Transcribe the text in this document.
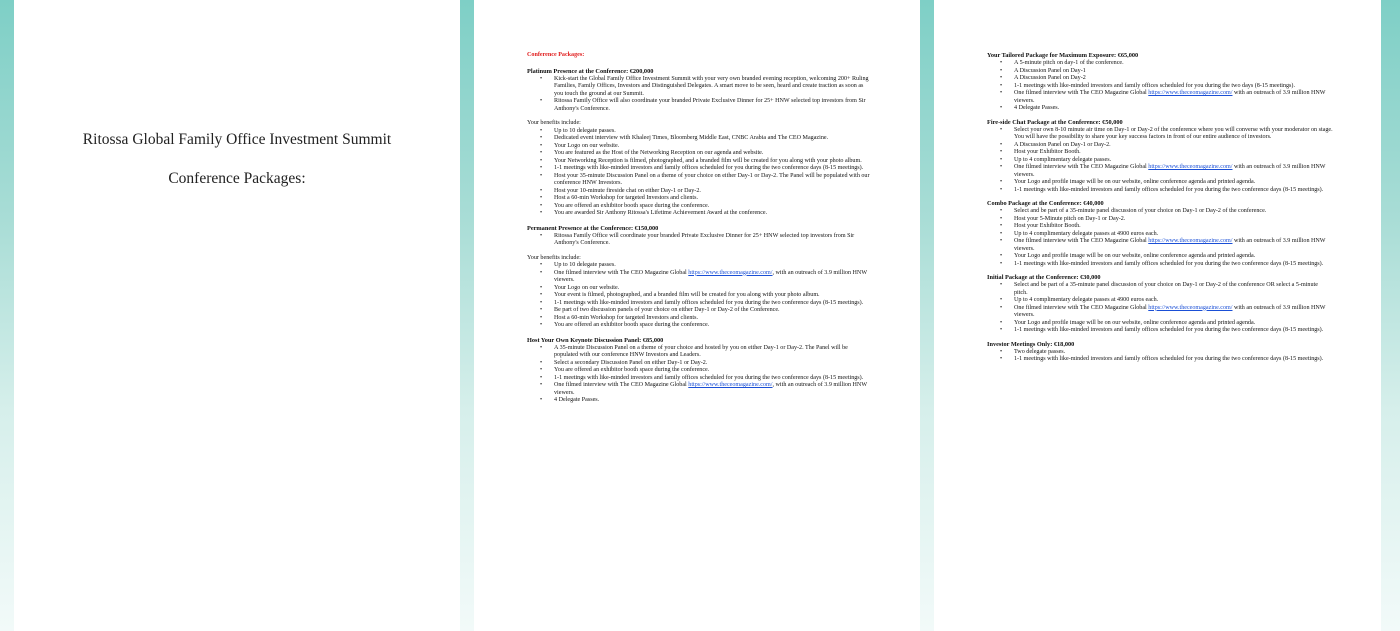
Ritossa Global Family Office Investment Summit
Conference Packages:
Conference Packages:
Platinum Presence at the Conference: €200,000
• Kick-start the Global Family Office Investment Summit with your very own branded evening reception, welcoming 200+ Ruling Families, Family Offices, Investors and Distinguished Delegates. A smart move to be seen, heard and create traction as soon as you touch the ground at our Summit.
• Ritossa Family Office will also coordinate your branded Private Exclusive Dinner for 25+ HNW selected top investors from Sir Anthony's Conference.
Your benefits include:
• Up to 10 delegate passes.
• Dedicated event interview with Khaleej Times, Bloomberg Middle East, CNBC Arabia and The CEO Magazine.
• Your Logo on our website.
• You are featured as the Host of the Networking Reception on our agenda and website.
• Your Networking Reception is filmed, photographed, and a branded film will be created for you along with your photo album.
• 1-1 meetings with like-minded investors and family offices scheduled for you during the two conference days (8-15 meetings).
• Host your 35-minute Discussion Panel on a theme of your choice on either Day-1 or Day-2. The Panel will be populated with our conference HNW Investors.
• Host your 10-minute fireside chat on either Day-1 or Day-2.
• Host a 60-min Workshop for targeted Investors and clients.
• You are offered an exhibitor booth space during the conference.
• You are awarded Sir Anthony Ritossa's Lifetime Achievement Award at the conference.
Permanent Presence at the Conference: €150,000
• Ritossa Family Office will coordinate your branded Private Exclusive Dinner for 25+ HNW selected top investors from Sir Anthony's Conference.
Your benefits include:
• Up to 10 delegate passes.
• One filmed interview with The CEO Magazine Global https://www.theceomagazine.com/, with an outreach of 3.9 million HNW viewers.
• Your Logo on our website.
• Your event is filmed, photographed, and a branded film will be created for you along with your photo album.
• 1-1 meetings with like-minded investors and family offices scheduled for you during the two conference days (8-15 meetings).
• Be part of two discussion panels of your choice on either Day-1 or Day-2 of the Conference.
• Host a 60-min Workshop for targeted Investors and clients.
• You are offered an exhibitor booth space during the conference.
Host Your Own Keynote Discussion Panel: €85,000
• A 35-minute Discussion Panel on a theme of your choice and hosted by you on either Day-1 or Day-2. The Panel will be populated with our conference HNW Investors and Leaders.
• Select a secondary Discussion Panel on either Day-1 or Day-2.
• You are offered an exhibitor booth space during the conference.
• 1-1 meetings with like-minded investors and family offices scheduled for you during the two conference days (8-15 meetings).
• One filmed interview with The CEO Magazine Global https://www.theceomagazine.com/, with an outreach of 3.9 million HNW viewers.
• 4 Delegate Passes.
Your Tailored Package for Maximum Exposure: €65,000
• A 5-minute pitch on day-1 of the conference.
• A Discussion Panel on Day-1
• A Discussion Panel on Day-2
• 1-1 meetings with like-minded investors and family offices scheduled for you during the two days (8-15 meetings).
• One filmed interview with The CEO Magazine Global https://www.theceomagazine.com/ with an outreach of 3.9 million HNW viewers.
• 4 Delegate Passes.
Fire-side Chat Package at the Conference: €50,000
• Select your own 8-10 minute air time on Day-1 or Day-2 of the conference where you will converse with your moderator on stage. You will have the possibility to share your key success factors in front of our entire audience of investors.
• A Discussion Panel on Day-1 or Day-2.
• Host your Exhibitor Booth.
• Up to 4 complimentary delegate passes.
• One filmed interview with The CEO Magazine Global https://www.theceomagazine.com/ with an outreach of 3.9 million HNW viewers.
• Your Logo and profile image will be on our website, online conference agenda and printed agenda.
• 1-1 meetings with like-minded investors and family offices scheduled for you during the two conference days (8-15 meetings).
Combo Package at the Conference: €40,000
• Select and be part of a 35-minute panel discussion of your choice on Day-1 or Day-2 of the conference.
• Host your 5-Minute pitch on Day-1 or Day-2.
• Host your Exhibitor Booth.
• Up to 4 complimentary delegate passes at 4900 euros each.
• One filmed interview with The CEO Magazine Global https://www.theceomagazine.com/ with an outreach of 3.9 million HNW viewers.
• Your Logo and profile image will be on our website, online conference agenda and printed agenda.
• 1-1 meetings with like-minded investors and family offices scheduled for you during the two conference days (8-15 meetings).
Initial Package at the Conference: €30,000
• Select and be part of a 35-minute panel discussion of your choice on Day-1 or Day-2 of the conference OR select a 5-minute pitch.
• Up to 4 complimentary delegate passes at 4900 euros each.
• One filmed interview with The CEO Magazine Global https://www.theceomagazine.com/ with an outreach of 3.9 million HNW viewers.
• Your Logo and profile image will be on our website, online conference agenda and printed agenda.
• 1-1 meetings with like-minded investors and family offices scheduled for you during the two conference days (8-15 meetings).
Investor Meetings Only: €18,000
• Two delegate passes.
• 1-1 meetings with like-minded investors and family offices scheduled for you during the two conference days (8-15 meetings).
